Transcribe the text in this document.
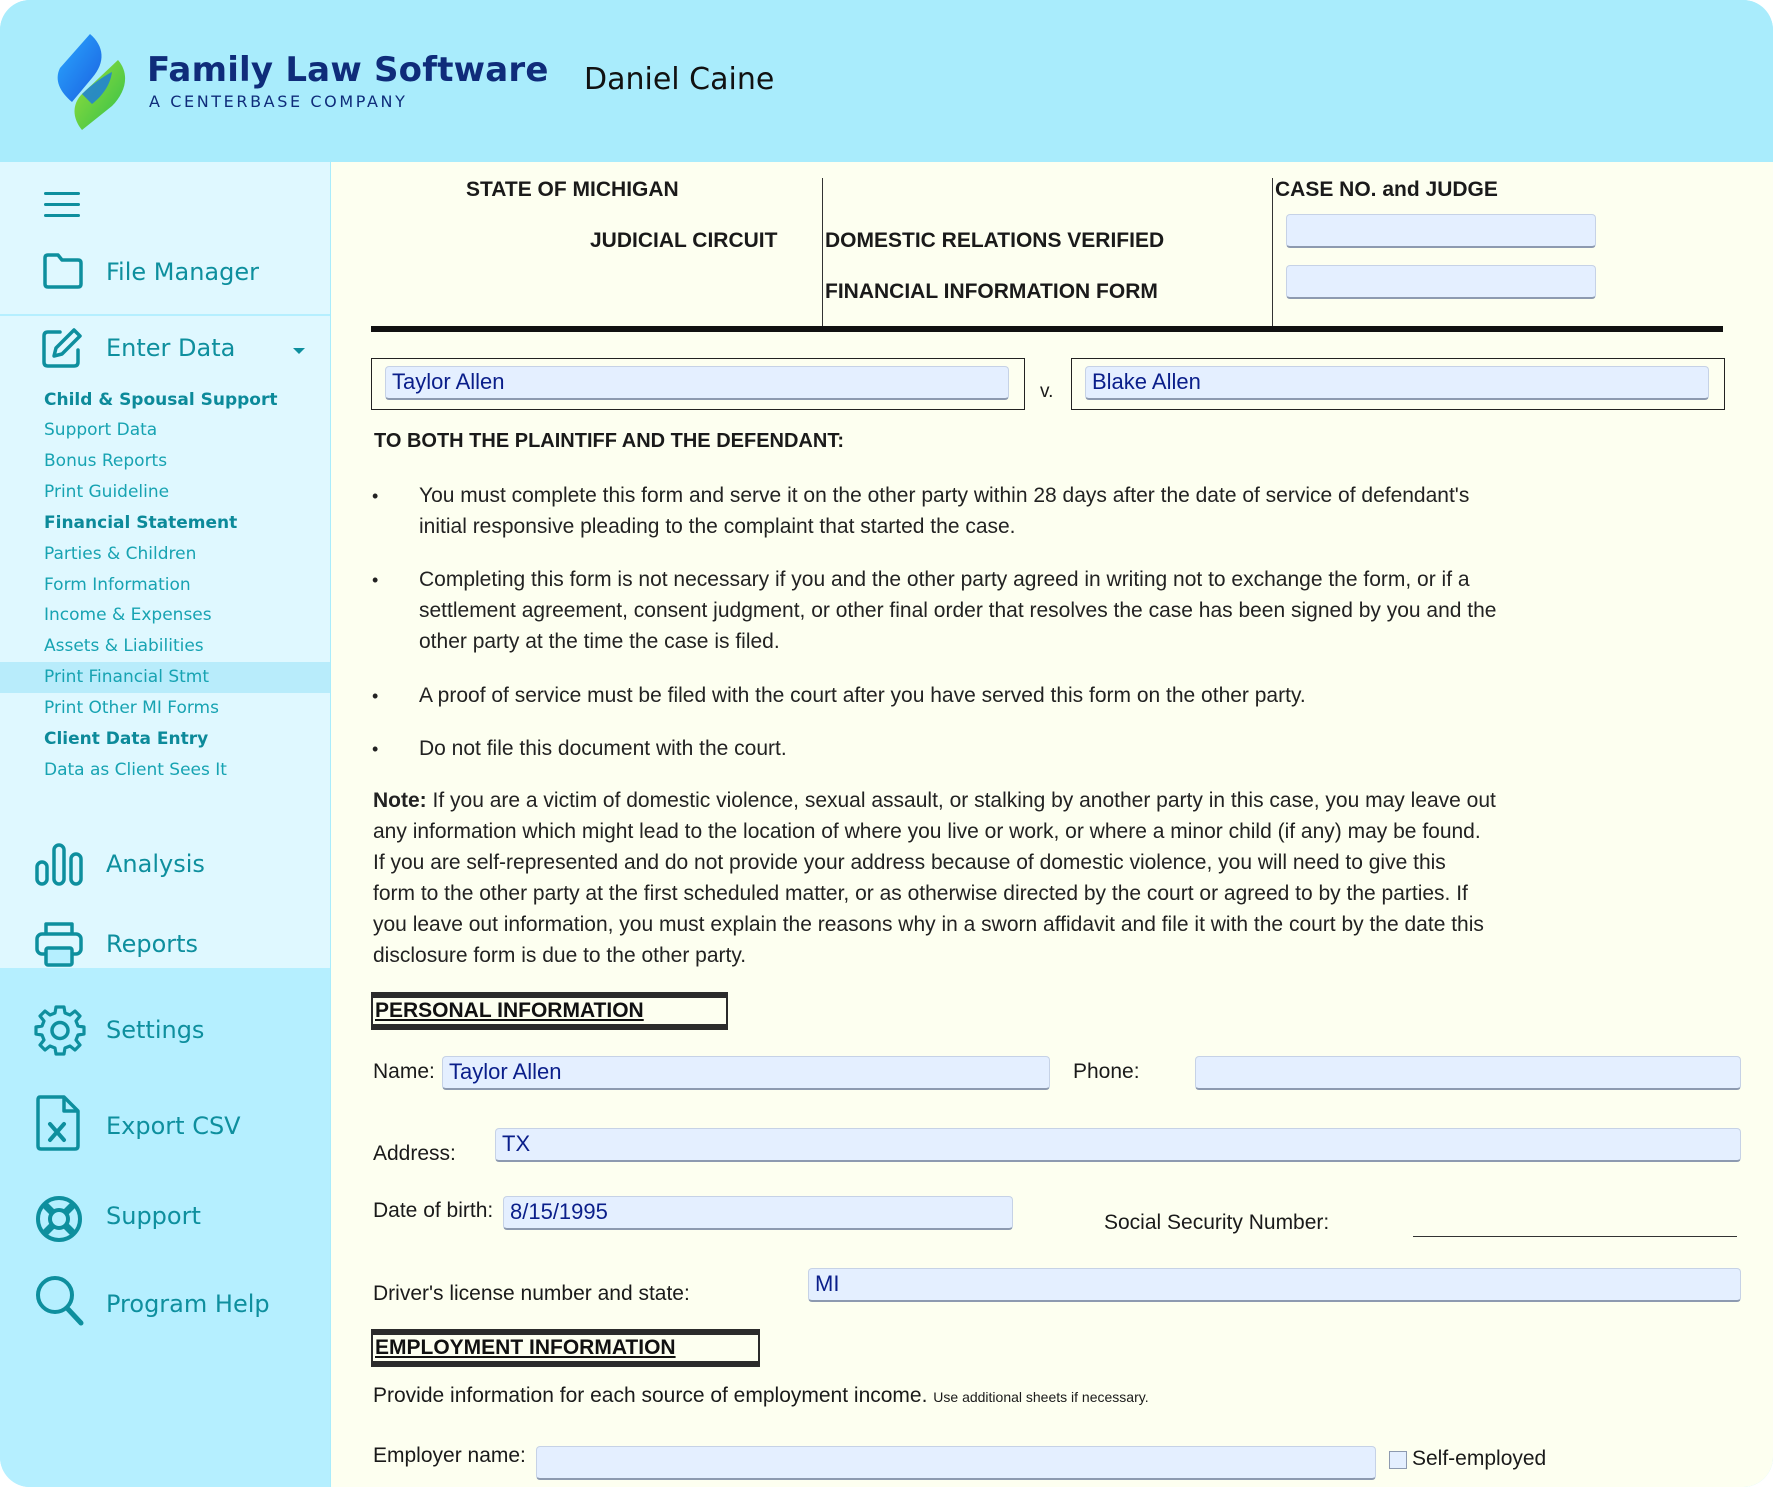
Family Law Software
A CENTERBASE COMPANY
Daniel Caine
File Manager
Enter Data
Child & Spousal Support
Support Data
Bonus Reports
Print Guideline
Financial Statement
Parties & Children
Form Information
Income & Expenses
Assets & Liabilities
Print Financial Stmt
Print Other MI Forms
Client Data Entry
Data as Client Sees It
Analysis
Reports
Settings
Export CSV
Support
Program Help
STATE OF MICHIGAN
JUDICIAL CIRCUIT DOMESTIC RELATIONS VERIFIED
FINANCIAL INFORMATION FORM
CASE NO. and JUDGE
Taylor Allen	v.	Blake Allen
TO BOTH THE PLAINTIFF AND THE DEFENDANT:
• You must complete this form and serve it on the other party within 28 days after the date of service of defendant's
initial responsive pleading to the complaint that started the case.
• Completing this form is not necessary if you and the other party agreed in writing not to exchange the form, or if a
settlement agreement, consent judgment, or other final order that resolves the case has been signed by you and the
other party at the time the case is filed.
• A proof of service must be filed with the court after you have served this form on the other party.
• Do not file this document with the court.
Note: If you are a victim of domestic violence, sexual assault, or stalking by another party in this case, you may leave out
any information which might lead to the location of where you live or work, or where a minor child (if any) may be found.
If you are self-represented and do not provide your address because of domestic violence, you will need to give this
form to the other party at the first scheduled matter, or as otherwise directed by the court or agreed to by the parties. If
you leave out information, you must explain the reasons why in a sworn affidavit and file it with the court by the date this
disclosure form is due to the other party.
PERSONAL INFORMATION
Name: Taylor Allen	Phone:
Address:	TX
Date of birth: 8/15/1995	Social Security Number:
Driver's license number and state:	MI
EMPLOYMENT INFORMATION
Provide information for each source of employment income. Use additional sheets if necessary.
Employer name:	Self-employed
